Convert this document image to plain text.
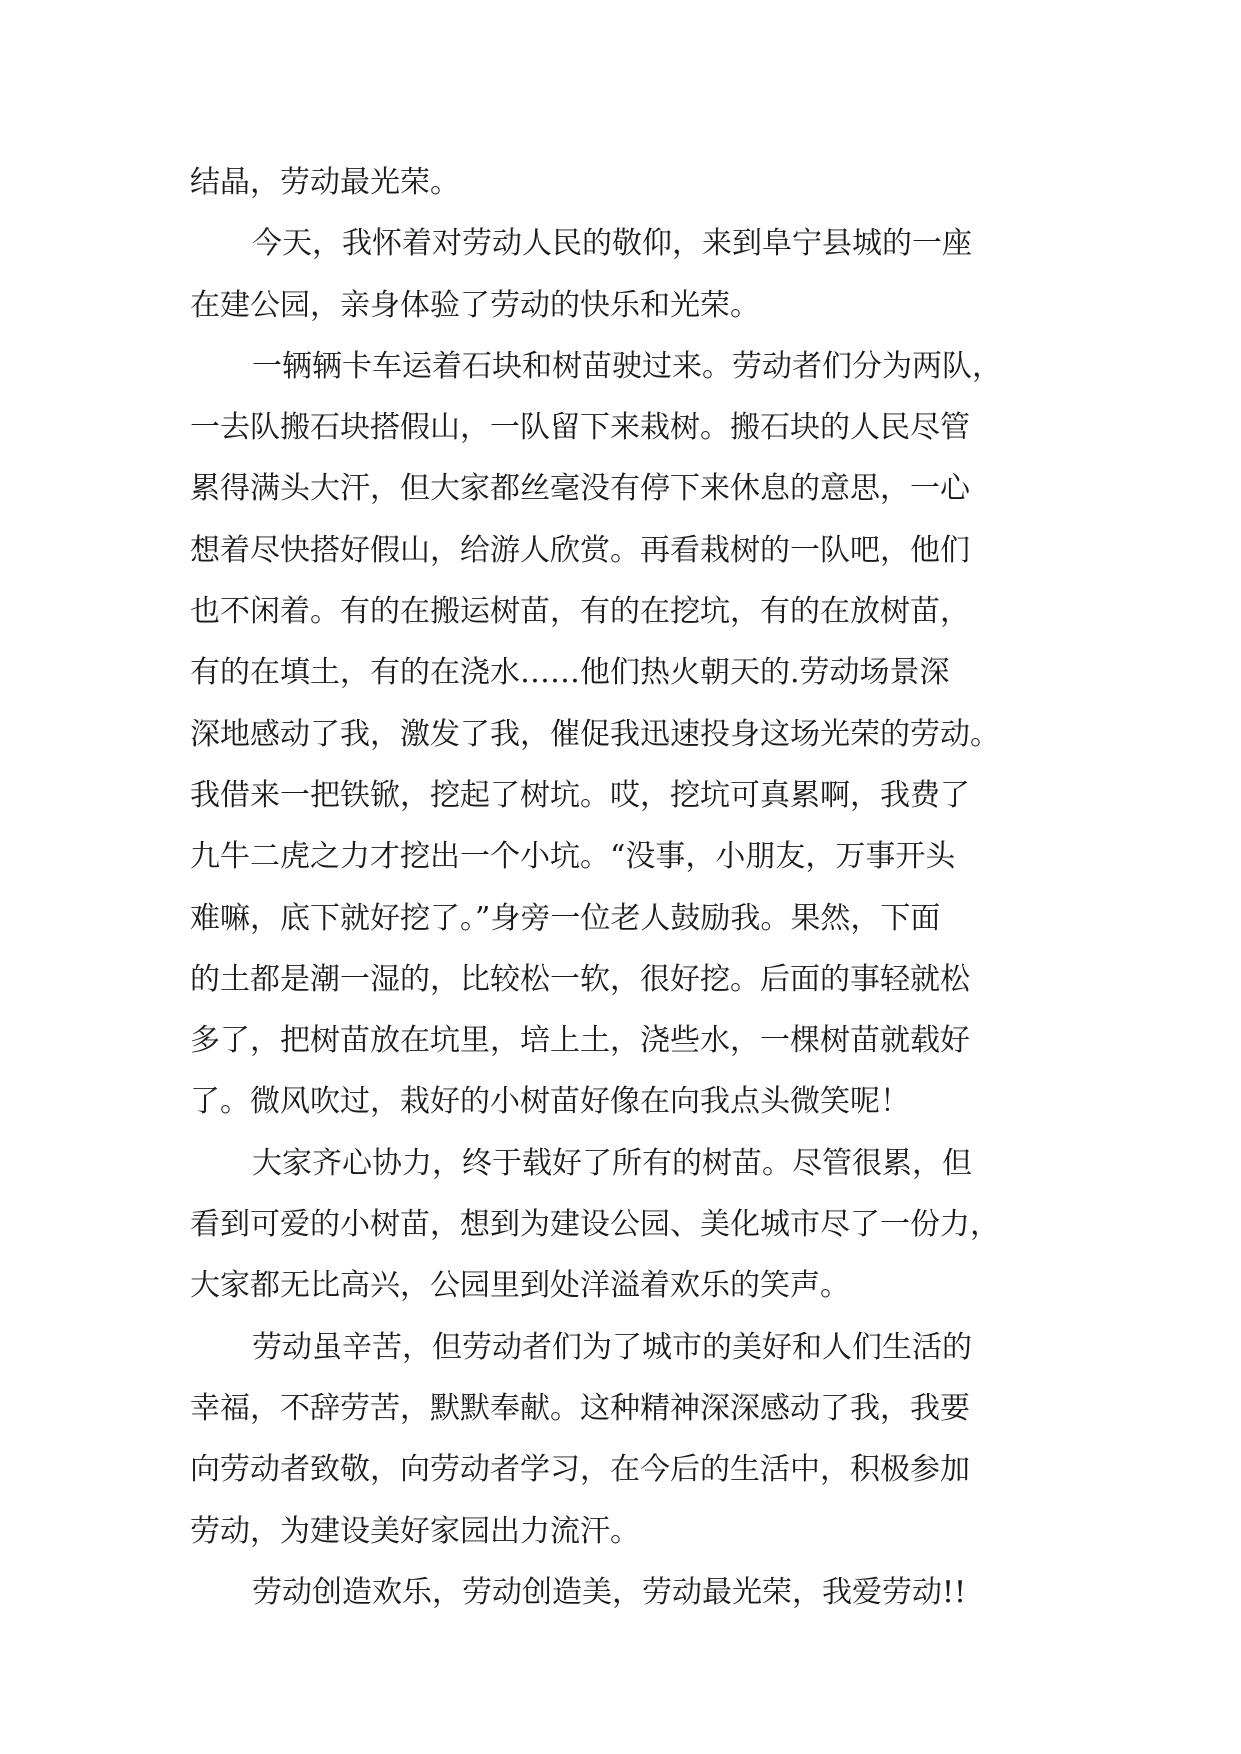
结晶，劳动最光荣。
今天，我怀着对劳动人民的敬仰，来到阜宁县城的一座
在建公园，亲身体验了劳动的快乐和光荣。
一辆辆卡车运着石块和树苗驶过来。劳动者们分为两队，
一去队搬石块搭假山，一队留下来栽树。搬石块的人民尽管
累得满头大汗，但大家都丝毫没有停下来休息的意思，一心
想着尽快搭好假山，给游人欣赏。再看栽树的一队吧，他们
也不闲着。有的在搬运树苗，有的在挖坑，有的在放树苗，
有的在填土，有的在浇水……他们热火朝天的.劳动场景深
深地感动了我，激发了我，催促我迅速投身这场光荣的劳动。
我借来一把铁锨，挖起了树坑。哎，挖坑可真累啊，我费了
九牛二虎之力才挖出一个小坑。“没事，小朋友，万事开头
难嘛，底下就好挖了。”身旁一位老人鼓励我。果然，下面
的土都是潮一湿的，比较松一软，很好挖。后面的事轻就松
多了，把树苗放在坑里，培上土，浇些水，一棵树苗就载好
了。微风吹过，栽好的小树苗好像在向我点头微笑呢！
大家齐心协力，终于载好了所有的树苗。尽管很累，但
看到可爱的小树苗，想到为建设公园、美化城市尽了一份力，
大家都无比高兴，公园里到处洋溢着欢乐的笑声。
劳动虽辛苦，但劳动者们为了城市的美好和人们生活的
幸福，不辞劳苦，默默奉献。这种精神深深感动了我，我要
向劳动者致敬，向劳动者学习，在今后的生活中，积极参加
劳动，为建设美好家园出力流汗。
劳动创造欢乐，劳动创造美，劳动最光荣，我爱劳动!!
